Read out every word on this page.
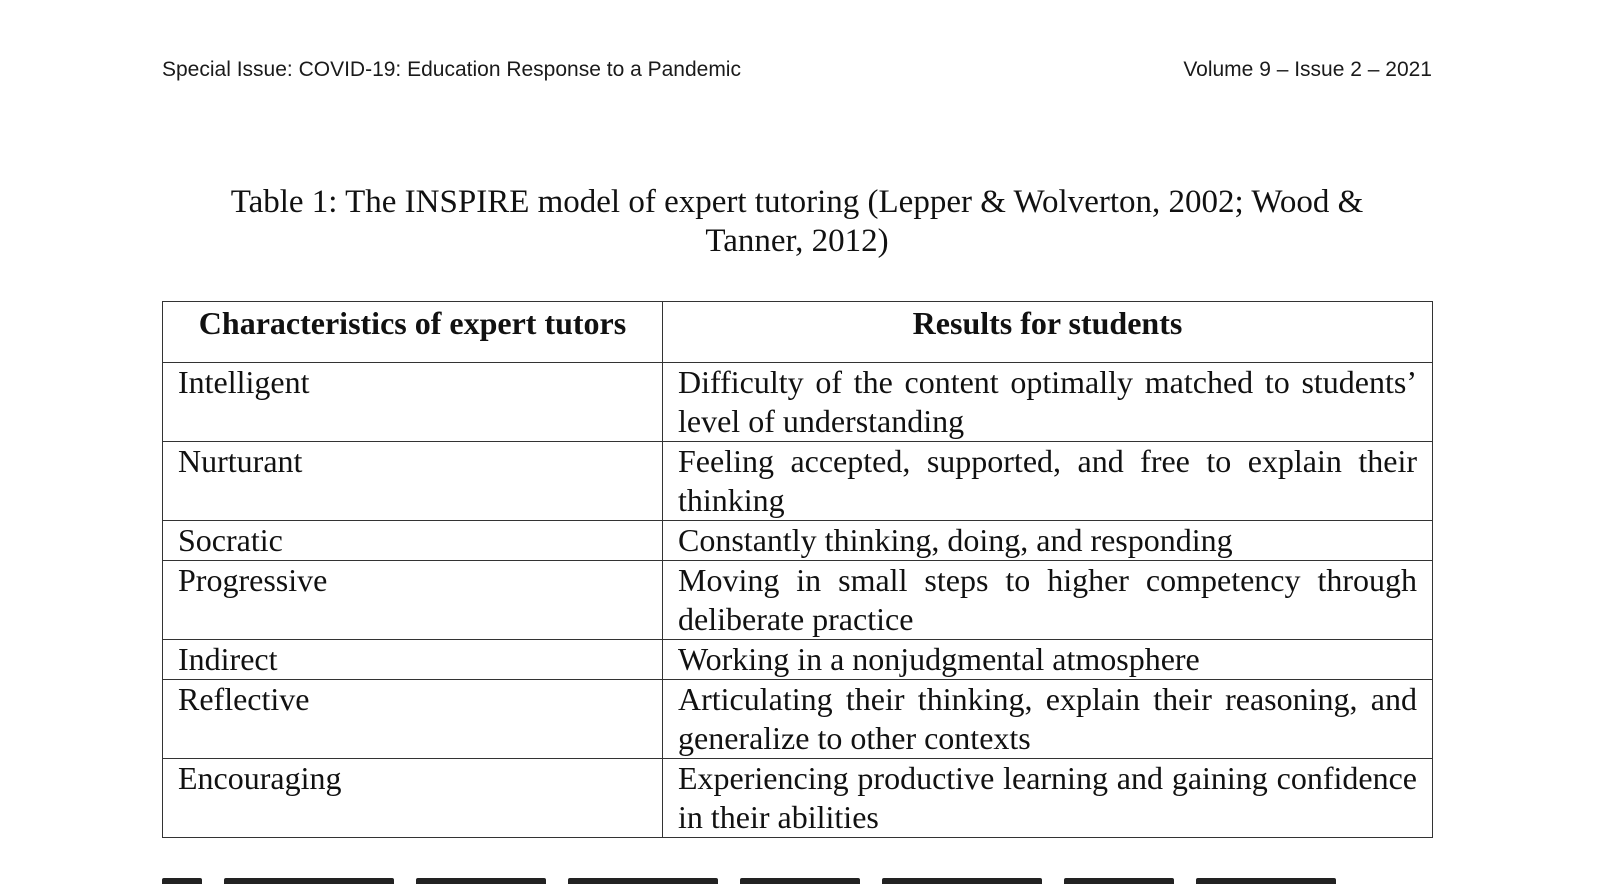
Special Issue: COVID-19: Education Response to a Pandemic	Volume 9 – Issue 2 – 2021
Table 1: The INSPIRE model of expert tutoring (Lepper & Wolverton, 2002; Wood &
Tanner, 2012)
Characteristics of expert tutors	Results for students
Intelligent	Difficulty of the content optimally matched to students’ level of understanding
Nurturant	Feeling accepted, supported, and free to explain their thinking
Socratic	Constantly thinking, doing, and responding
Progressive	Moving in small steps to higher competency through deliberate practice
Indirect	Working in a nonjudgmental atmosphere
Reflective	Articulating their thinking, explain their reasoning, and generalize to other contexts
Encouraging	Experiencing productive learning and gaining confidence in their abilities
